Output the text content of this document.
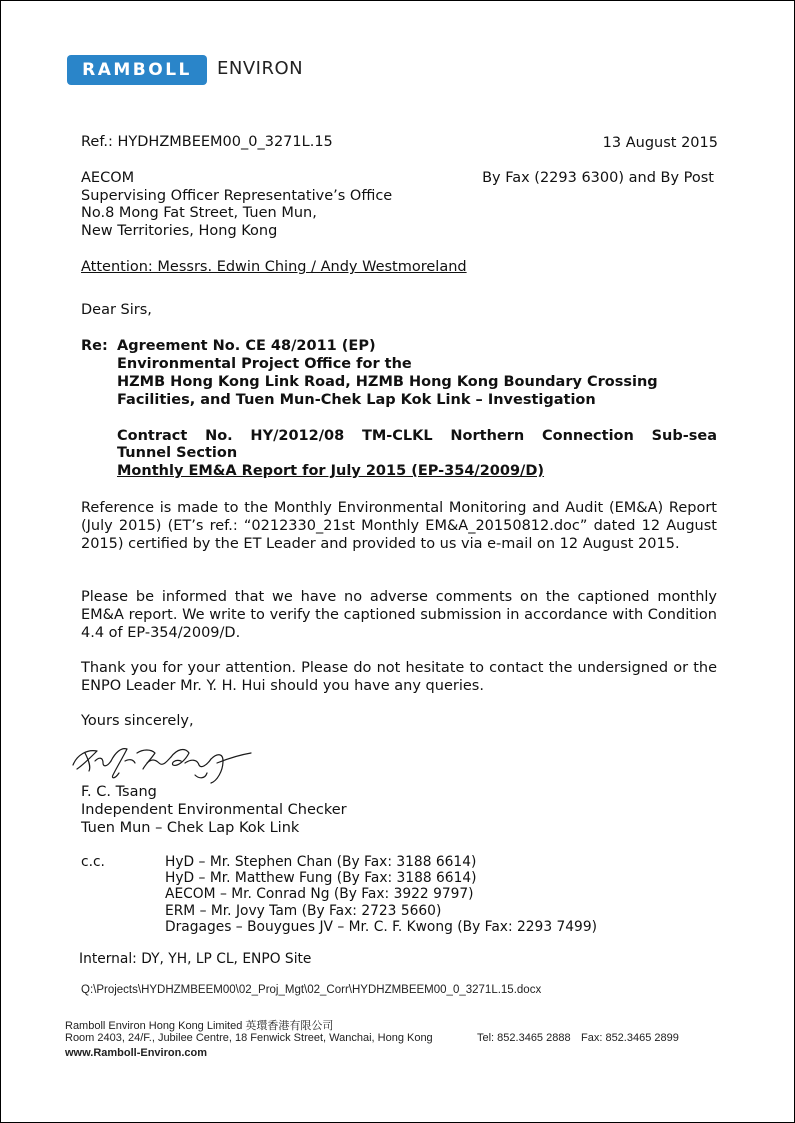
RAMBOLL	ENVIRON
Ref.: HYDHZMBEEM00_0_3271L.15	13 August 2015
AECOM
Supervising Officer Representative’s Office
No.8 Mong Fat Street, Tuen Mun,
New Territories, Hong Kong
By Fax (2293 6300) and By Post
Attention: Messrs. Edwin Ching / Andy Westmoreland
Dear Sirs,
Re: Agreement No. CE 48/2011 (EP)
Environmental Project Office for the
HZMB Hong Kong Link Road, HZMB Hong Kong Boundary Crossing
Facilities, and Tuen Mun-Chek Lap Kok Link – Investigation
Contract No. HY/2012/08 TM-CLKL Northern Connection Sub-sea
Tunnel Section
Monthly EM&A Report for July 2015 (EP-354/2009/D)
Reference is made to the Monthly Environmental Monitoring and Audit (EM&A) Report (July 2015) (ET’s ref.: “0212330_21st Monthly EM&A_20150812.doc” dated 12 August 2015) certified by the ET Leader and provided to us via e-mail on 12 August 2015.
Please be informed that we have no adverse comments on the captioned monthly EM&A report. We write to verify the captioned submission in accordance with Condition 4.4 of EP-354/2009/D.
Thank you for your attention. Please do not hesitate to contact the undersigned or the ENPO Leader Mr. Y. H. Hui should you have any queries.
Yours sincerely,
F. C. Tsang
Independent Environmental Checker
Tuen Mun – Chek Lap Kok Link
c.c.	HyD – Mr. Stephen Chan (By Fax: 3188 6614)
HyD – Mr. Matthew Fung (By Fax: 3188 6614)
AECOM – Mr. Conrad Ng (By Fax: 3922 9797)
ERM – Mr. Jovy Tam (By Fax: 2723 5660)
Dragages – Bouygues JV – Mr. C. F. Kwong (By Fax: 2293 7499)
Internal: DY, YH, LP CL, ENPO Site
Q:\Projects\HYDHZMBEEM00\02_Proj_Mgt\02_Corr\HYDHZMBEEM00_0_3271L.15.docx
Ramboll Environ Hong Kong Limited 英環香港有限公司
Room 2403, 24/F., Jubilee Centre, 18 Fenwick Street, Wanchai, Hong Kong	Tel: 852.3465 2888 Fax: 852.3465 2899
www.Ramboll-Environ.com
